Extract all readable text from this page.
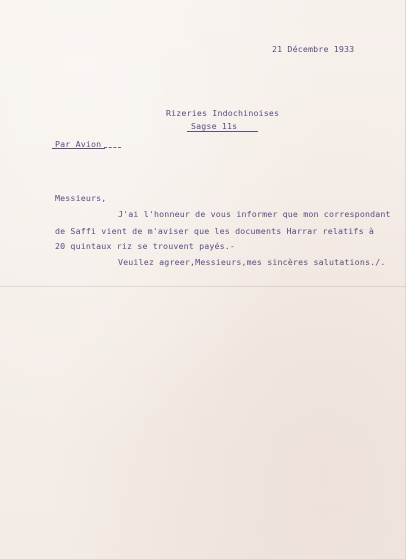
21 Décembre 1933
Rizeries Indochinoises
Sagse 11s
Par Avion
Messieurs,
J'ai l'honneur de vous informer que mon correspondant
de Saffi vient de m'aviser que les documents Harrar relatifs à
20 quintaux riz se trouvent payés.-
Veuilez agreer,Messieurs,mes sincères salutations./.
